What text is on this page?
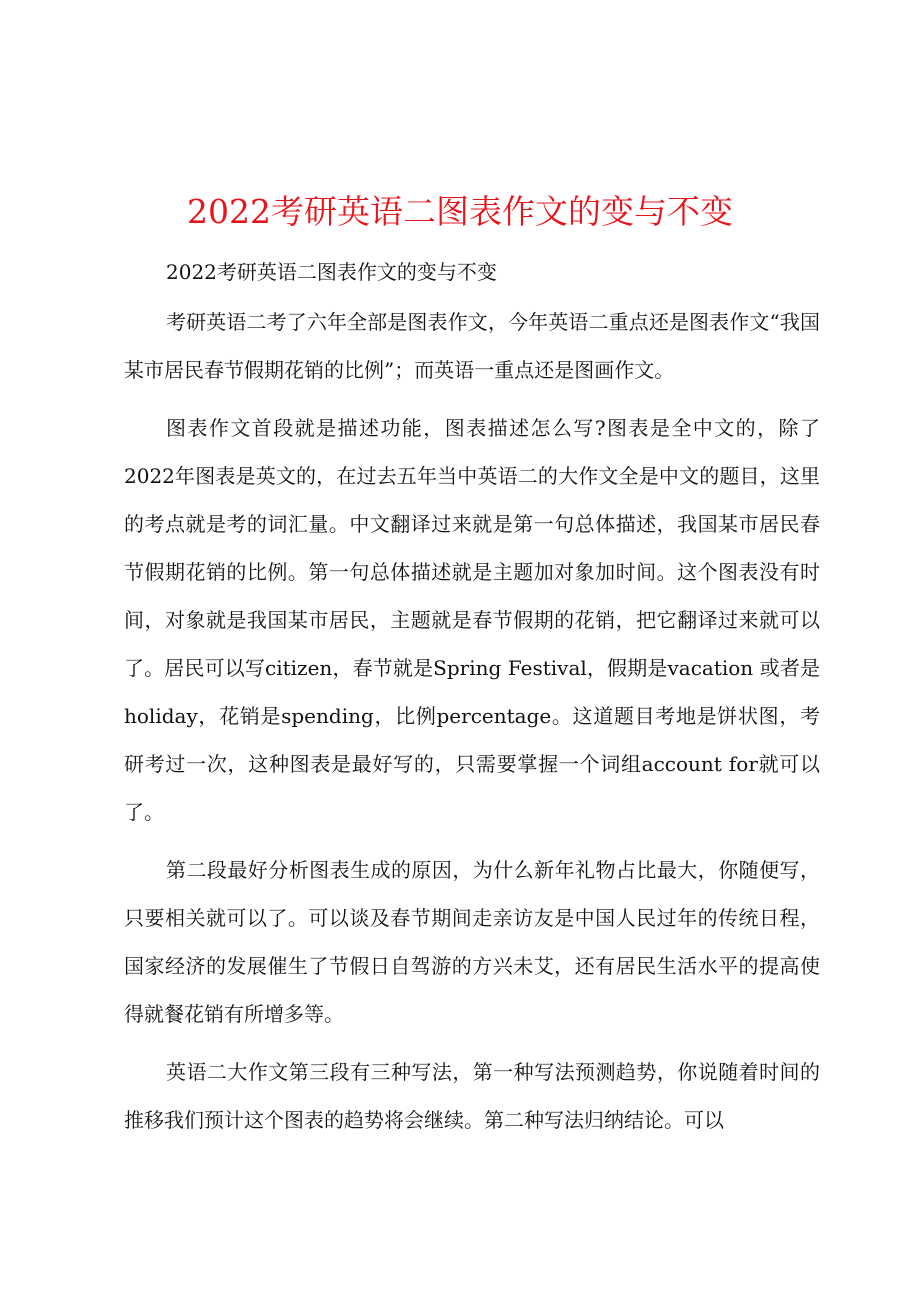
2022考研英语二图表作文的变与不变

2022考研英语二图表作文的变与不变

考研英语二考了六年全部是图表作文，今年英语二重点还是图表作文“我国某市居民春节假期花销的比例”；而英语一重点还是图画作文。

图表作文首段就是描述功能，图表描述怎么写?图表是全中文的，除了 2022年图表是英文的，在过去五年当中英语二的大作文全是中文的题目，这里的考点就是考的词汇量。中文翻译过来就是第一句总体描述，我国某市居民春节假期花销的比例。第一句总体描述就是主题加对象加时间。这个图表没有时间，对象就是我国某市居民，主题就是春节假期的花销，把它翻译过来就可以了。居民可以写citizen，春节就是Spring Festival，假期是vacation 或者是holiday，花销是spending，比例percentage。这道题目考地是饼状图，考研考过一次，这种图表是最好写的，只需要掌握一个词组account for就可以了。

第二段最好分析图表生成的原因，为什么新年礼物占比最大，你随便写，只要相关就可以了。可以谈及春节期间走亲访友是中国人民过年的传统日程，国家经济的发展催生了节假日自驾游的方兴未艾，还有居民生活水平的提高使得就餐花销有所增多等。

英语二大作文第三段有三种写法，第一种写法预测趋势，你说随着时间的推移我们预计这个图表的趋势将会继续。第二种写法归纳结论。可以
